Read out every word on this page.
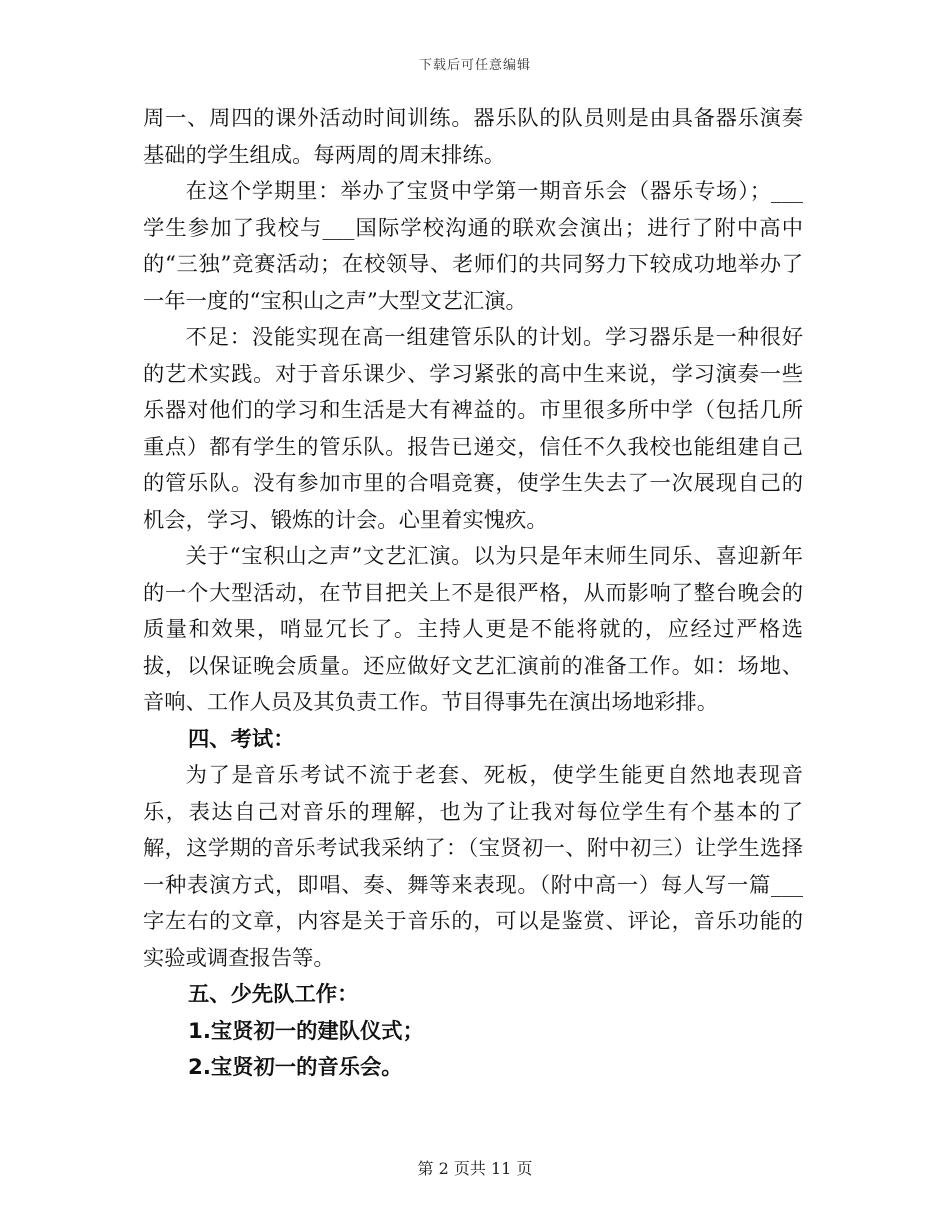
下载后可任意编辑

周一、周四的课外活动时间训练。器乐队的队员则是由具备器乐演奏基础的学生组成。每两周的周末排练。

在这个学期里：举办了宝贤中学第一期音乐会（器乐专场）；___学生参加了我校与___国际学校沟通的联欢会演出；进行了附中高中的“三独”竞赛活动；在校领导、老师们的共同努力下较成功地举办了一年一度的“宝积山之声”大型文艺汇演。

不足：没能实现在高一组建管乐队的计划。学习器乐是一种很好的艺术实践。对于音乐课少、学习紧张的高中生来说，学习演奏一些乐器对他们的学习和生活是大有裨益的。市里很多所中学（包括几所重点）都有学生的管乐队。报告已递交，信任不久我校也能组建自己的管乐队。没有参加市里的合唱竞赛，使学生失去了一次展现自己的机会，学习、锻炼的计会。心里着实愧疚。

关于“宝积山之声”文艺汇演。以为只是年末师生同乐、喜迎新年的一个大型活动，在节目把关上不是很严格，从而影响了整台晚会的质量和效果，哨显冗长了。主持人更是不能将就的，应经过严格选拔，以保证晚会质量。还应做好文艺汇演前的准备工作。如：场地、音响、工作人员及其负责工作。节目得事先在演出场地彩排。

四、考试：

为了是音乐考试不流于老套、死板，使学生能更自然地表现音乐，表达自己对音乐的理解，也为了让我对每位学生有个基本的了解，这学期的音乐考试我采纳了：（宝贤初一、附中初三）让学生选择一种表演方式，即唱、奏、舞等来表现。（附中高一）每人写一篇___字左右的文章，内容是关于音乐的，可以是鉴赏、评论，音乐功能的实验或调查报告等。

五、少先队工作：

1.宝贤初一的建队仪式；

2.宝贤初一的音乐会。

第 2 页共 11 页
